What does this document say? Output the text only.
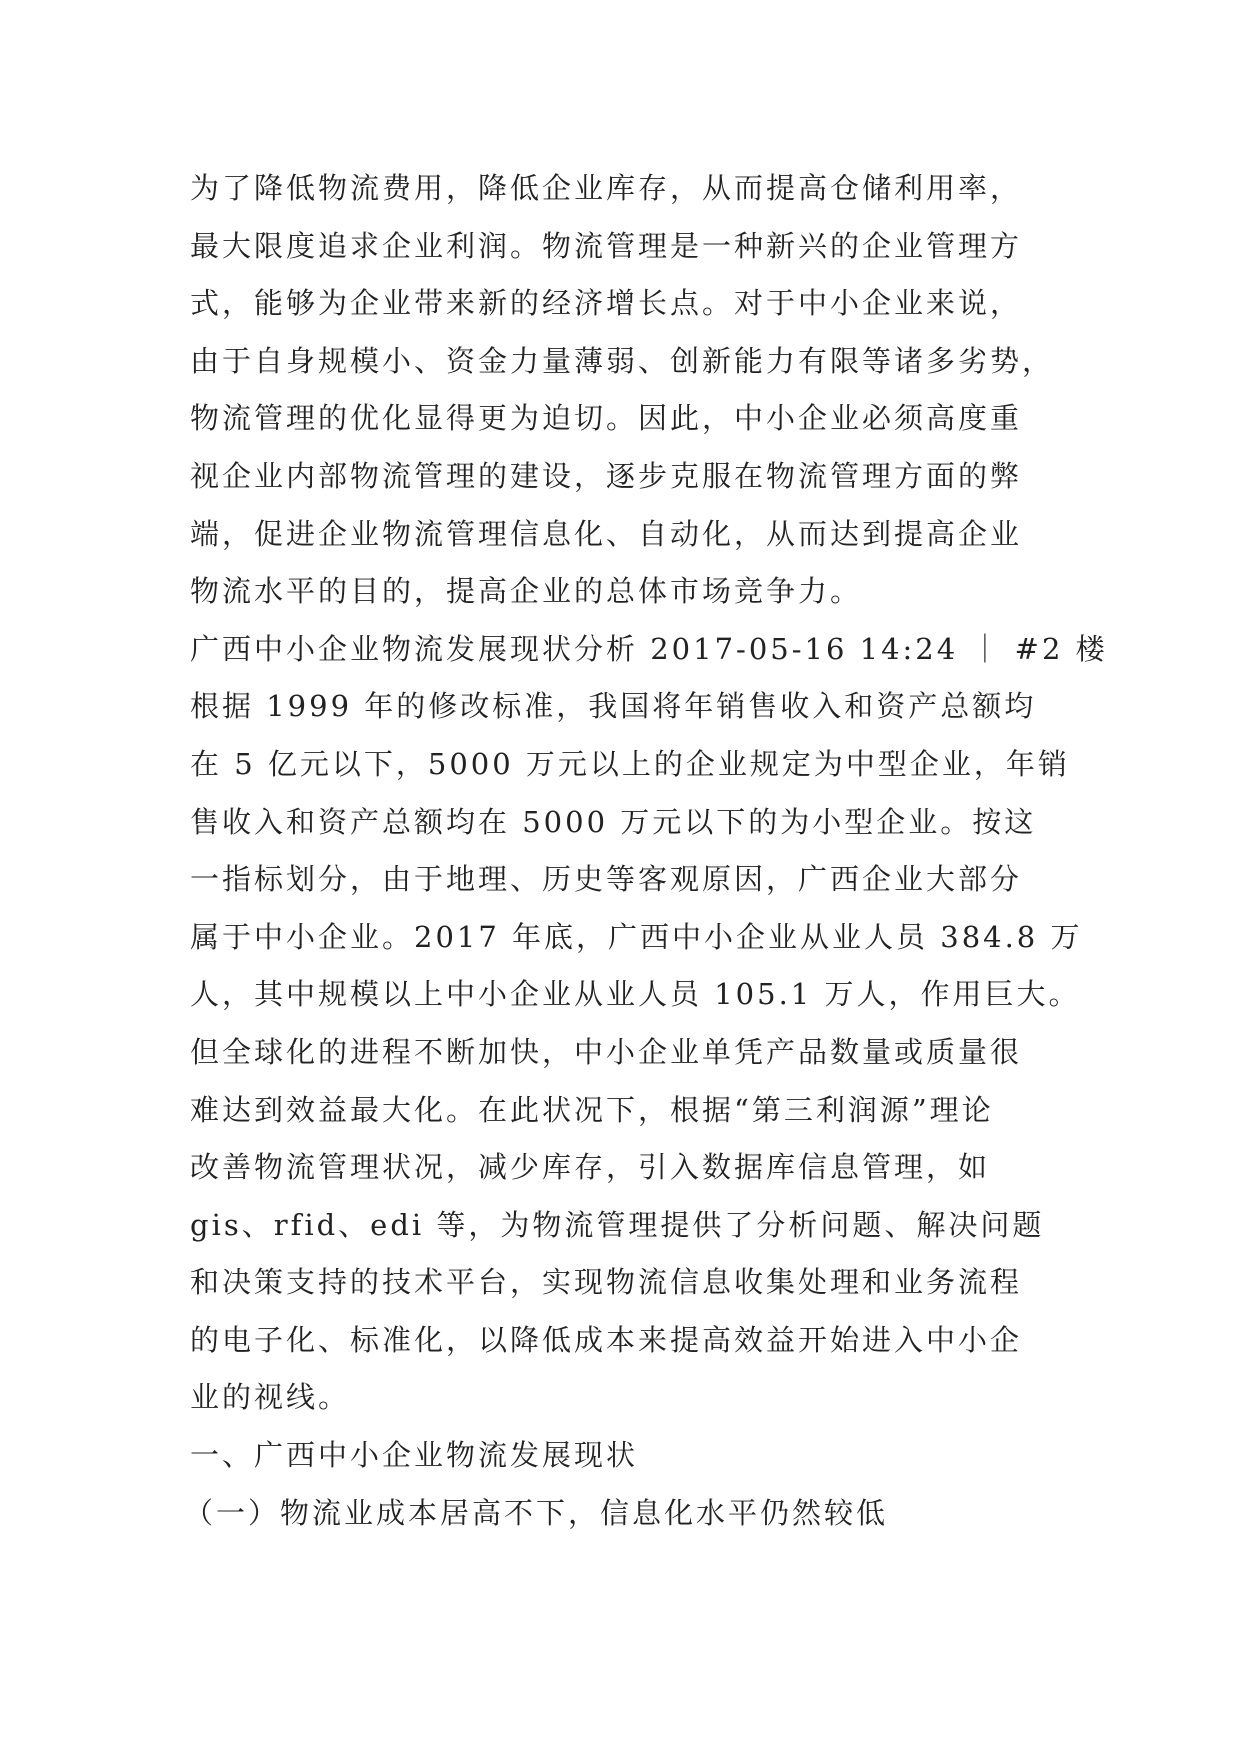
为了降低物流费用，降低企业库存，从而提高仓储利用率，

最大限度追求企业利润。物流管理是一种新兴的企业管理方

式，能够为企业带来新的经济增长点。对于中小企业来说，

由于自身规模小、资金力量薄弱、创新能力有限等诸多劣势，

物流管理的优化显得更为迫切。因此，中小企业必须高度重

视企业内部物流管理的建设，逐步克服在物流管理方面的弊

端，促进企业物流管理信息化、自动化，从而达到提高企业

物流水平的目的，提高企业的总体市场竞争力。

广西中小企业物流发展现状分析 2017-05-16 14:24 ｜ #2 楼

根据 1999 年的修改标准，我国将年销售收入和资产总额均

在 5 亿元以下，5000 万元以上的企业规定为中型企业，年销

售收入和资产总额均在 5000 万元以下的为小型企业。按这

一指标划分，由于地理、历史等客观原因，广西企业大部分

属于中小企业。2017 年底，广西中小企业从业人员 384.8 万

人，其中规模以上中小企业从业人员 105.1 万人，作用巨大。

但全球化的进程不断加快，中小企业单凭产品数量或质量很

难达到效益最大化。在此状况下，根据“第三利润源”理论

改善物流管理状况，减少库存，引入数据库信息管理，如

gis、rfid、edi 等，为物流管理提供了分析问题、解决问题

和决策支持的技术平台，实现物流信息收集处理和业务流程

的电子化、标准化，以降低成本来提高效益开始进入中小企

业的视线。

一、广西中小企业物流发展现状

（一）物流业成本居高不下，信息化水平仍然较低
